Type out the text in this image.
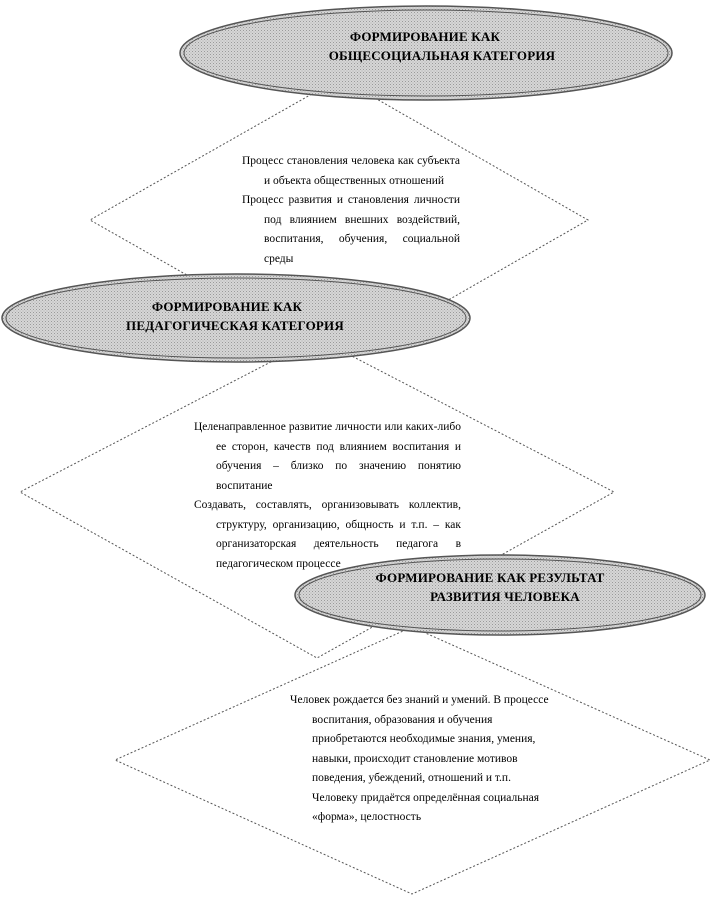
ФОРМИРОВАНИЕ КАК
ОБЩЕСОЦИАЛЬНАЯ КАТЕГОРИЯ

Процесс становления человека как субъекта и объекта общественных отношений

Процесс развития и становления личности под влиянием внешних воздействий, воспитания, обучения, социальной среды

ФОРМИРОВАНИЕ КАК
ПЕДАГОГИЧЕСКАЯ КАТЕГОРИЯ

Целенаправленное развитие личности или каких-либо ее сторон, качеств под влиянием воспитания и обучения – близко по значению понятию воспитание

Создавать, составлять, организовывать коллектив, структуру, организацию, общность и т.п. – как организаторская деятельность педагога в педагогическом процессе

ФОРМИРОВАНИЕ КАК РЕЗУЛЬТАТ
РАЗВИТИЯ ЧЕЛОВЕКА

Человек рождается без знаний и умений. В процессе воспитания, образования и обучения приобретаются необходимые знания, умения, навыки, происходит становление мотивов поведения, убеждений, отношений и т.п. Человеку придаётся определённая социальная «форма», целостность
